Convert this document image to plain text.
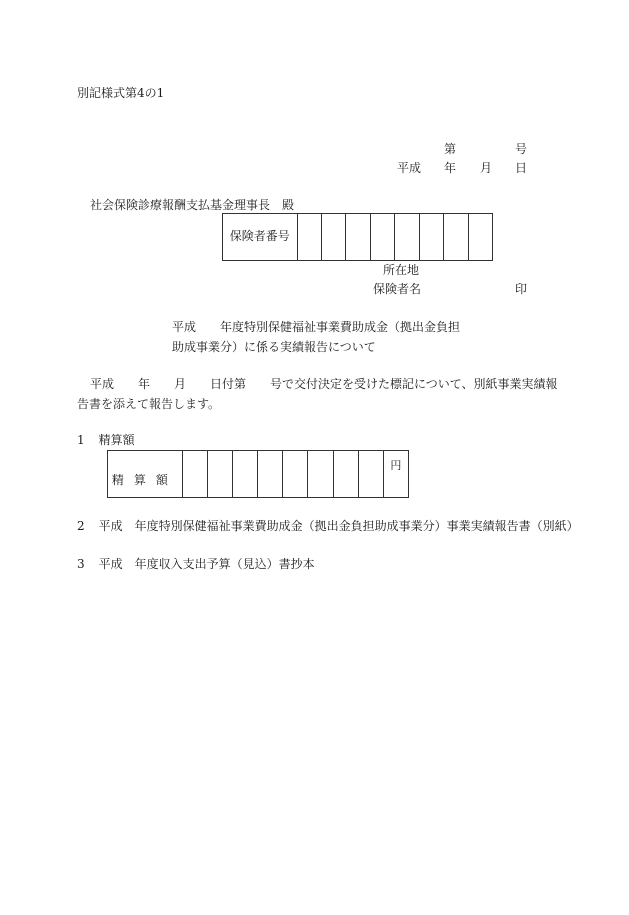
別記様式第4の1
第	号
平成 年 月 日
社会保険診療報酬支払基金理事長　殿
保険者番号
所在地
保険者名	印
平成　　年度特別保健福祉事業費助成金（拠出金負担
助成事業分）に係る実績報告について
平成　　年　　月　　日付第　　号で交付決定を受けた標記について、別紙事業実績報
告書を添えて報告します。
1 精算額
精算額
円
2 平成　年度特別保健福祉事業費助成金（拠出金負担助成事業分）事業実績報告書（別紙）
3 平成　年度収入支出予算（見込）書抄本
